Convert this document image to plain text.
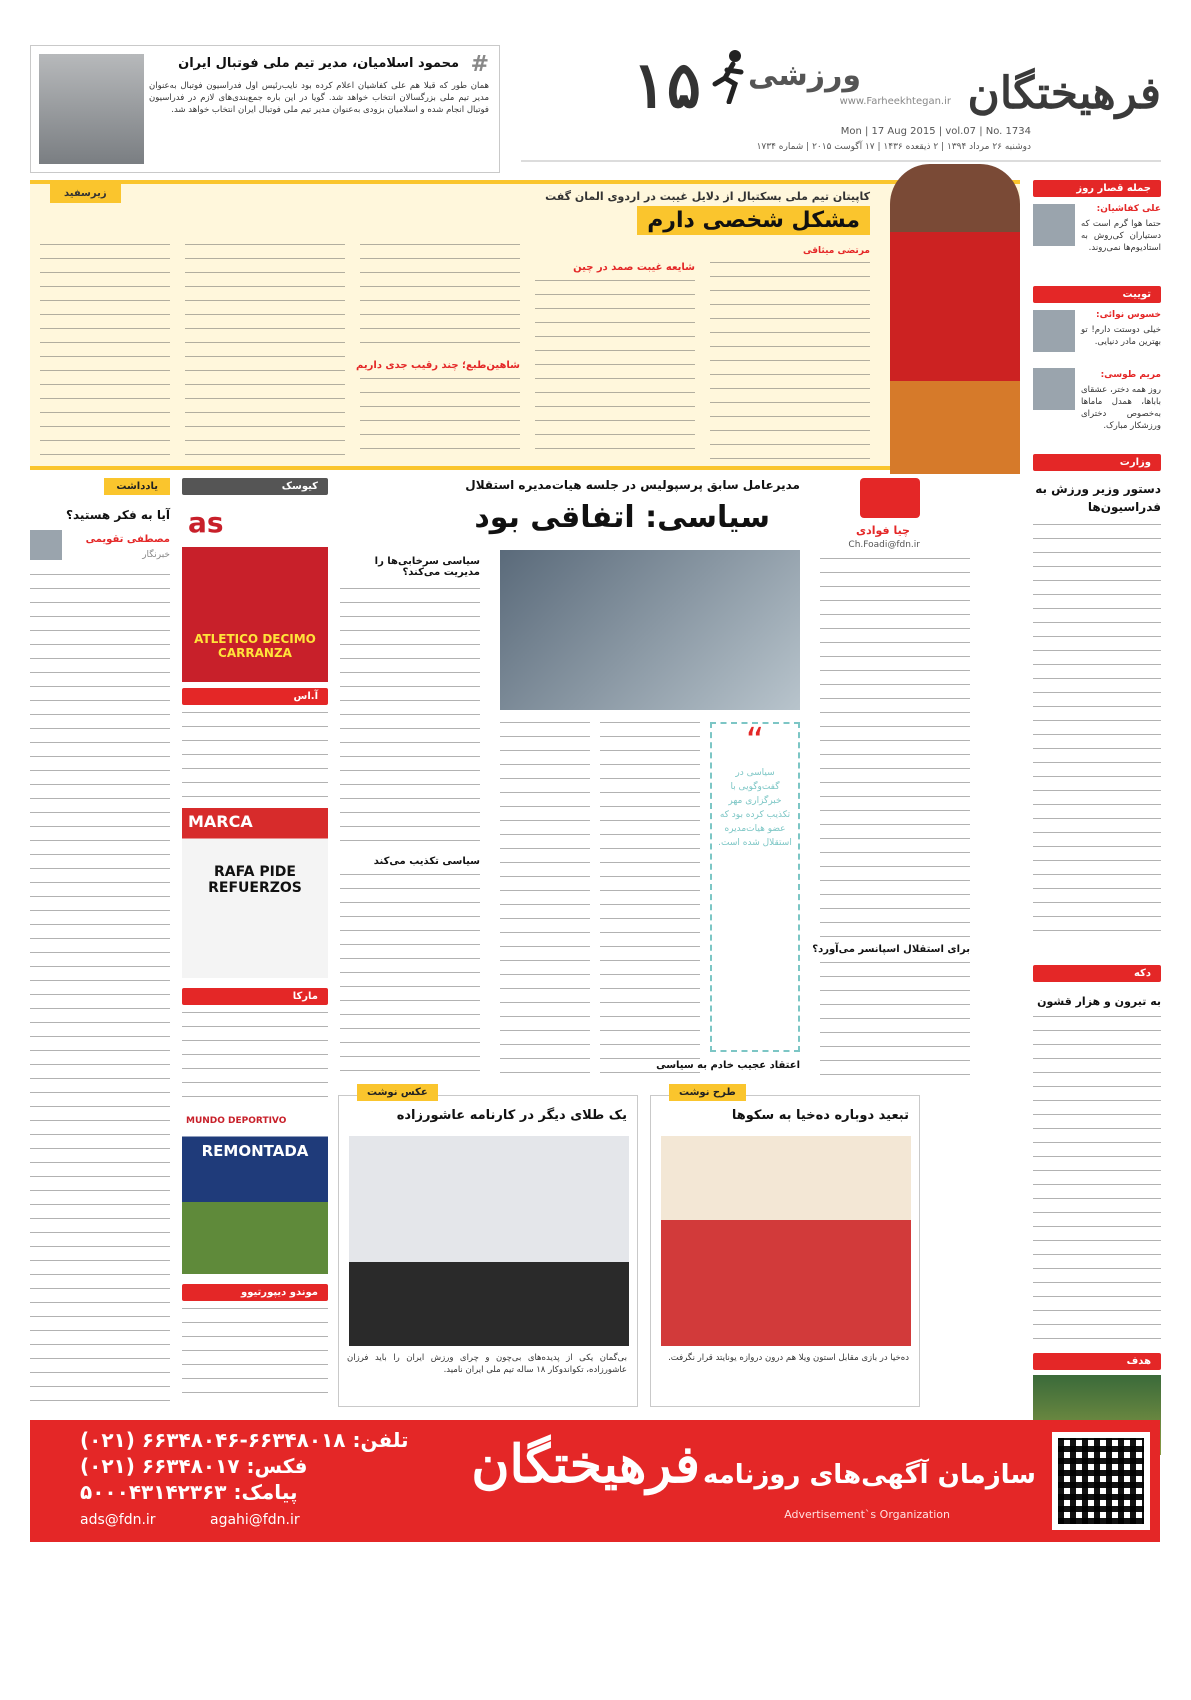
فرهیختگان
www.Farheekhtegan.ir
ورزشی
۱۵
Mon | 17 Aug 2015 | vol.07 | No. 1734
دوشنبه ۲۶ مرداد ۱۳۹۴ | ۲ ذیقعده ۱۴۳۶ | ۱۷ آگوست ۲۰۱۵ | شماره ۱۷۳۴
#
محمود اسلامیان، مدیر تیم ملی فوتبال ایران
همان طور که قبلا هم علی کفاشیان اعلام کرده بود نایب‌رئیس اول فدراسیون فوتبال به‌عنوان مدیر تیم ملی بزرگسالان انتخاب خواهد شد. گویا در این باره جمع‌بندی‌های لازم در فدراسیون فوتبال انجام شده و اسلامیان بزودی به‌عنوان مدیر تیم ملی فوتبال ایران انتخاب خواهد شد.
جمله قصار روز
علی کفاشیان:
حتما هوا گرم است که دستیاران کی‌روش به استادیوم‌ها نمی‌روند.
توییت
خسوس نوائی:
خیلی دوستت دارم! تو بهترین مادر دنیایی.
مریم طوسی:
روز همه دختر، عشقای باباها، همدل ماماها به‌خصوص دخترای ورزشکار مبارک.
وزارت
دستور وزیر ورزش به فدراسیون‌ها
دکه
به تیرون و هزار قشون
هدف
زیرسفید	کاپیتان تیم ملی بسکتبال از دلایل غیبت در اردوی المان گفت
مشکل شخصی دارم
مرتضی میثاقی
شایعه غیبت صمد در چین
شاهین‌طبع؛ چند رقیب جدی داریم
مدیرعامل سابق پرسپولیس در جلسه هیات‌مدیره استقلال
سیاسی: اتفاقی بود	چیا فوادی
Ch.Foadi@fdn.ir
برای استقلال اسپانسر می‌آورد؟
“
سیاسی در گفت‌وگویی با خبرگزاری مهر تکذیب کرده بود که عضو هیات‌مدیره استقلال شده است.
اعتقاد عجیب خادم به سیاسی
سیاسی سرخابی‌ها را مدیریت می‌کند؟
سیاسی تکذیب می‌کند
کیوسک
as
ATLETICO DECIMO CARRANZA
آ.اس
MARCA
RAFA PIDE REFUERZOS
مارکا
MUNDO DEPORTIVO
REMONTADA
موندو دیپورتیوو
یادداشت
آیا به فکر هستید؟
مصطفی تقویمی
خبرنگار
عکس نوشت
یک طلای دیگر در کارنامه عاشورزاده
بی‌گمان یکی از پدیده‌های بی‌چون و چرای ورزش ایران را باید فرزان عاشورزاده، تکواندوکار ۱۸ ساله تیم ملی ایران نامید.
طرح نوشت
تبعید دوباره ده‌خیا به سکوها
ده‌خیا در بازی مقابل استون ویلا هم درون دروازه یونایتد قرار نگرفت.
سازمان آگهی‌های روزنامه
فرهیختگان
Advertisement`s Organization
تلفن: ۶۶۳۴۸۰۱۸-۶۶۳۴۸۰۴۶ (۰۲۱)
فکس: ۶۶۳۴۸۰۱۷ (۰۲۱)
پیامک: ۵۰۰۰۴۳۱۴۲۳۶۳
ads@fdn.ir	agahi@fdn.ir
